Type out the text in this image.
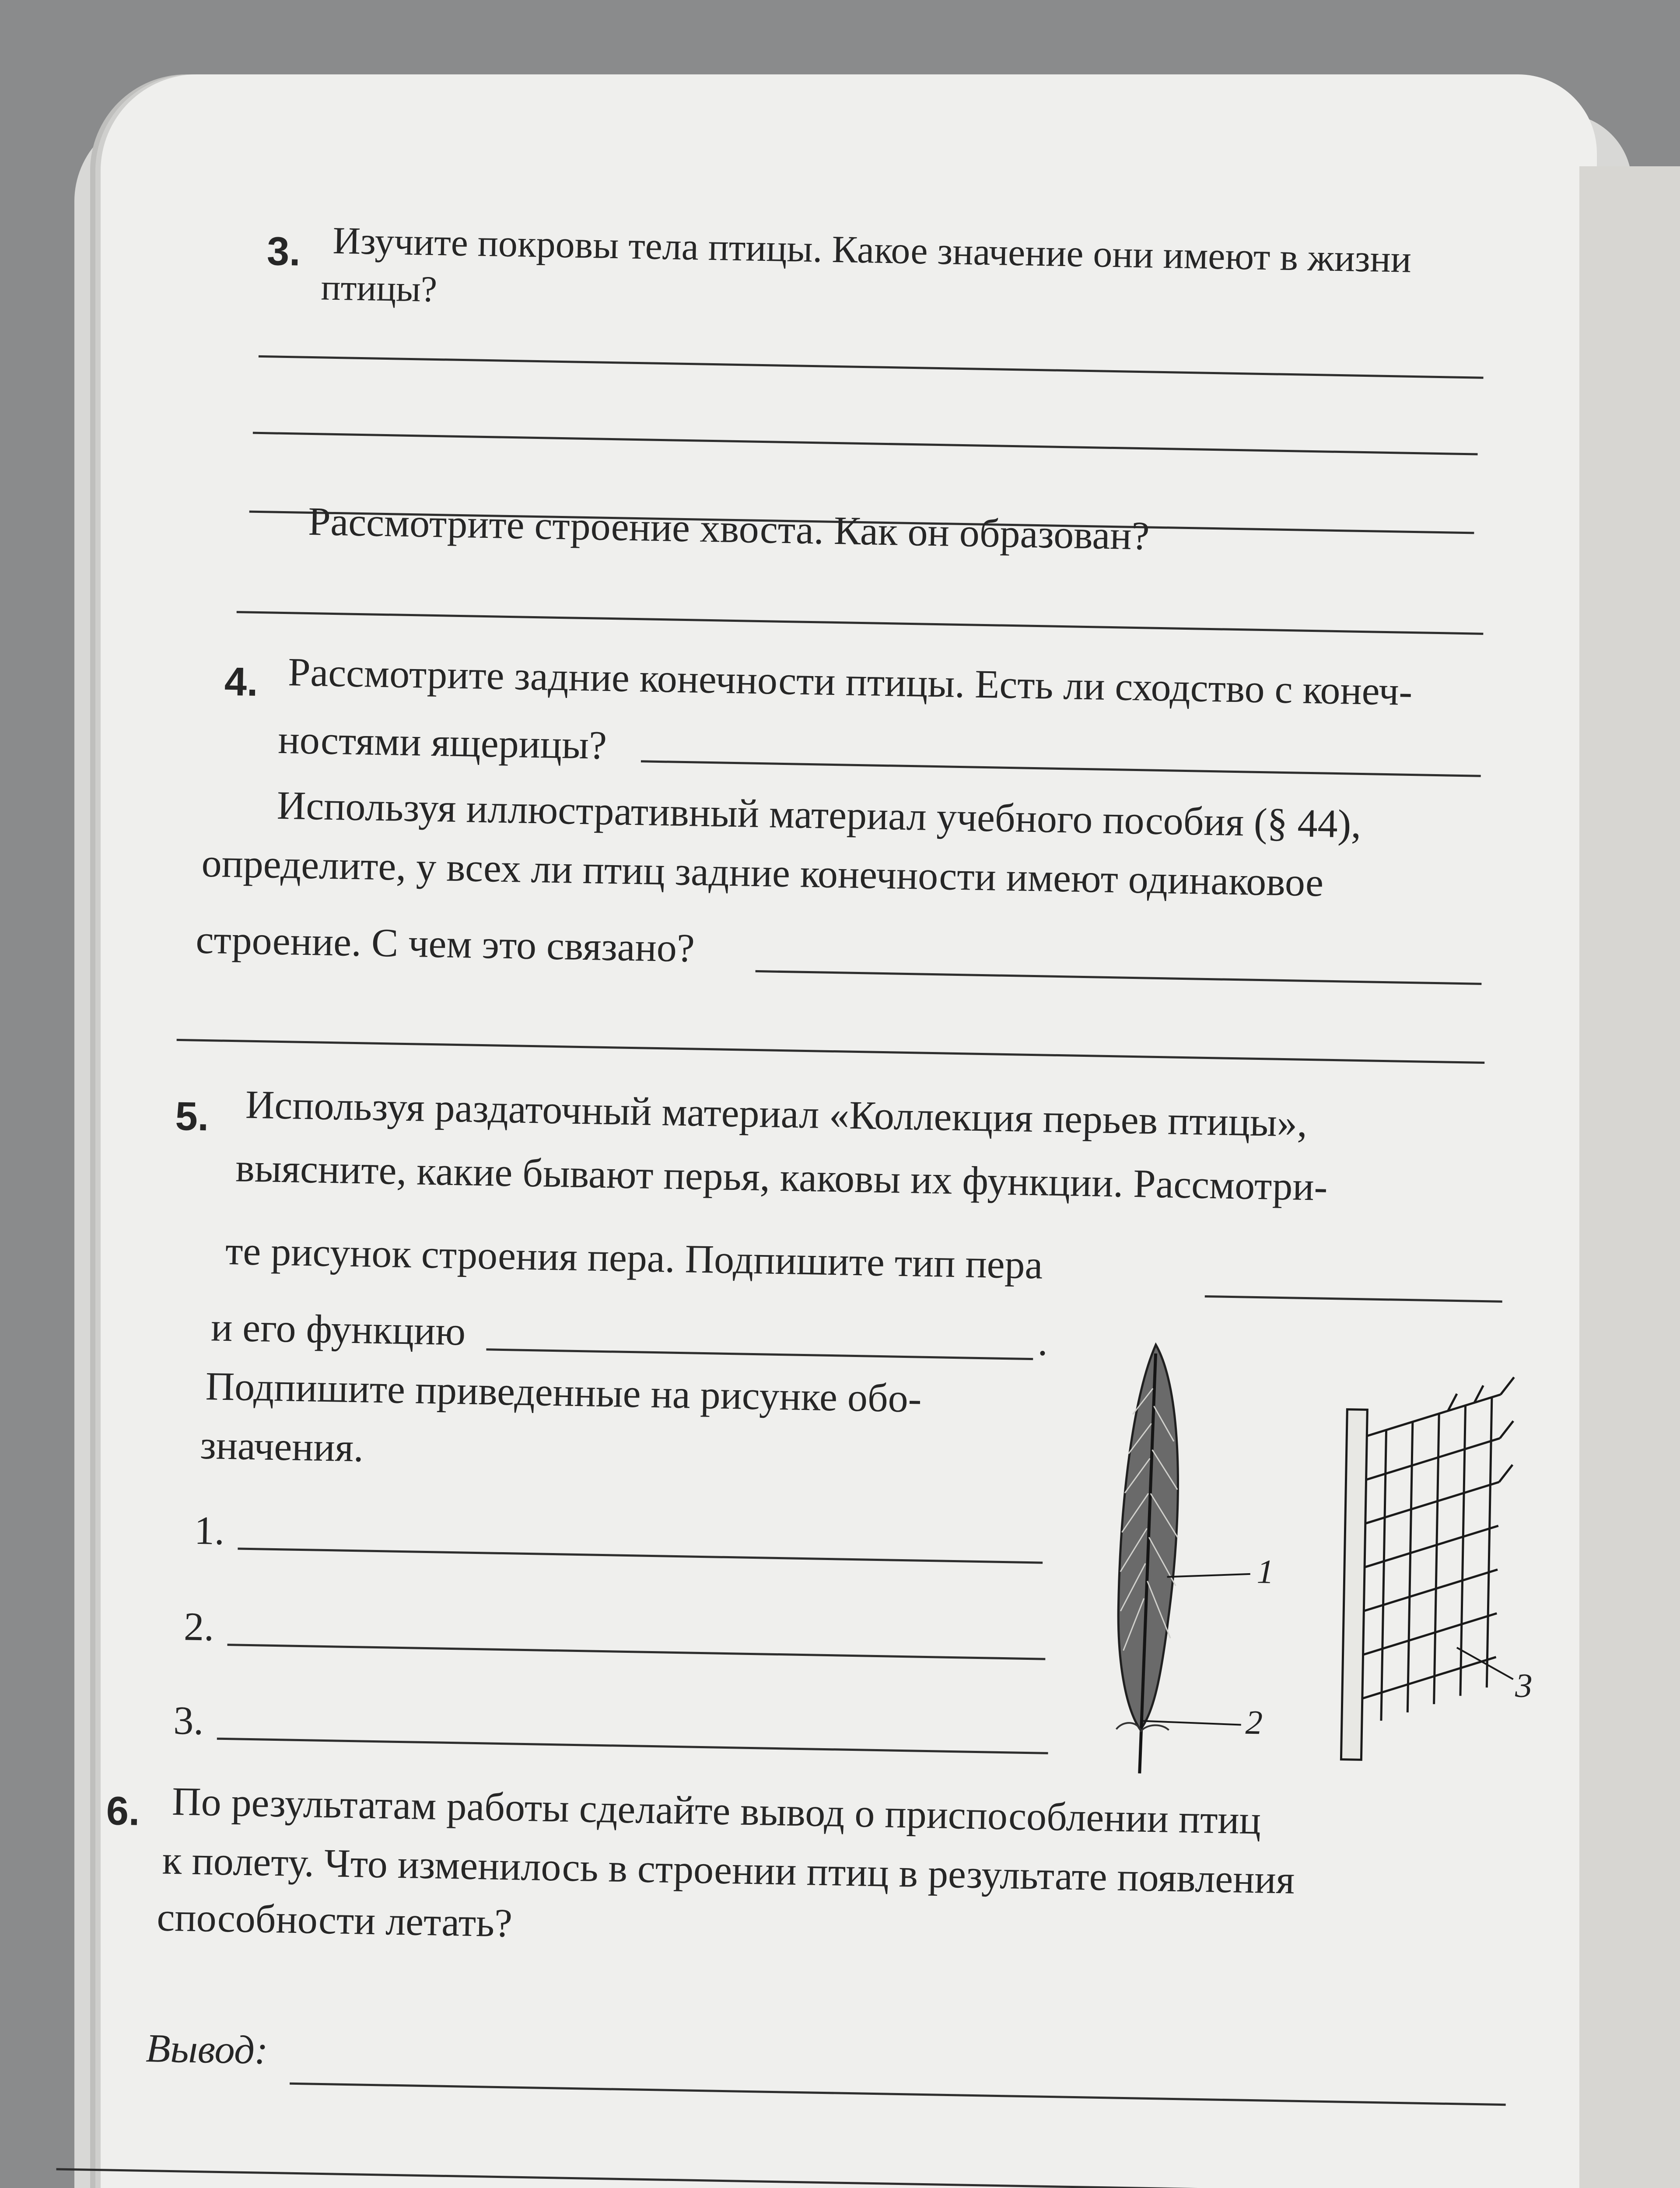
3. Изучите покровы тела птицы. Какое значение они имеют в жизни
птицы?
Рассмотрите строение хвоста. Как он образован?
4. Рассмотрите задние конечности птицы. Есть ли сходство с конеч-
ностями ящерицы?
Используя иллюстративный материал учебного пособия (§ 44),
определите, у всех ли птиц задние конечности имеют одинаковое
строение. С чем это связано?
5. Используя раздаточный материал «Коллекция перьев птицы»,
выясните, какие бывают перья, каковы их функции. Рассмотри-
те рисунок строения пера. Подпишите тип пера
и его функцию	.
Подпишите приведенные на рисунке обо-
значения.
1.
2.
3.
1
2
3
6. По результатам работы сделайте вывод о приспособлении птиц
к полету. Что изменилось в строении птиц в результате появления
способности летать?
Вывод:
